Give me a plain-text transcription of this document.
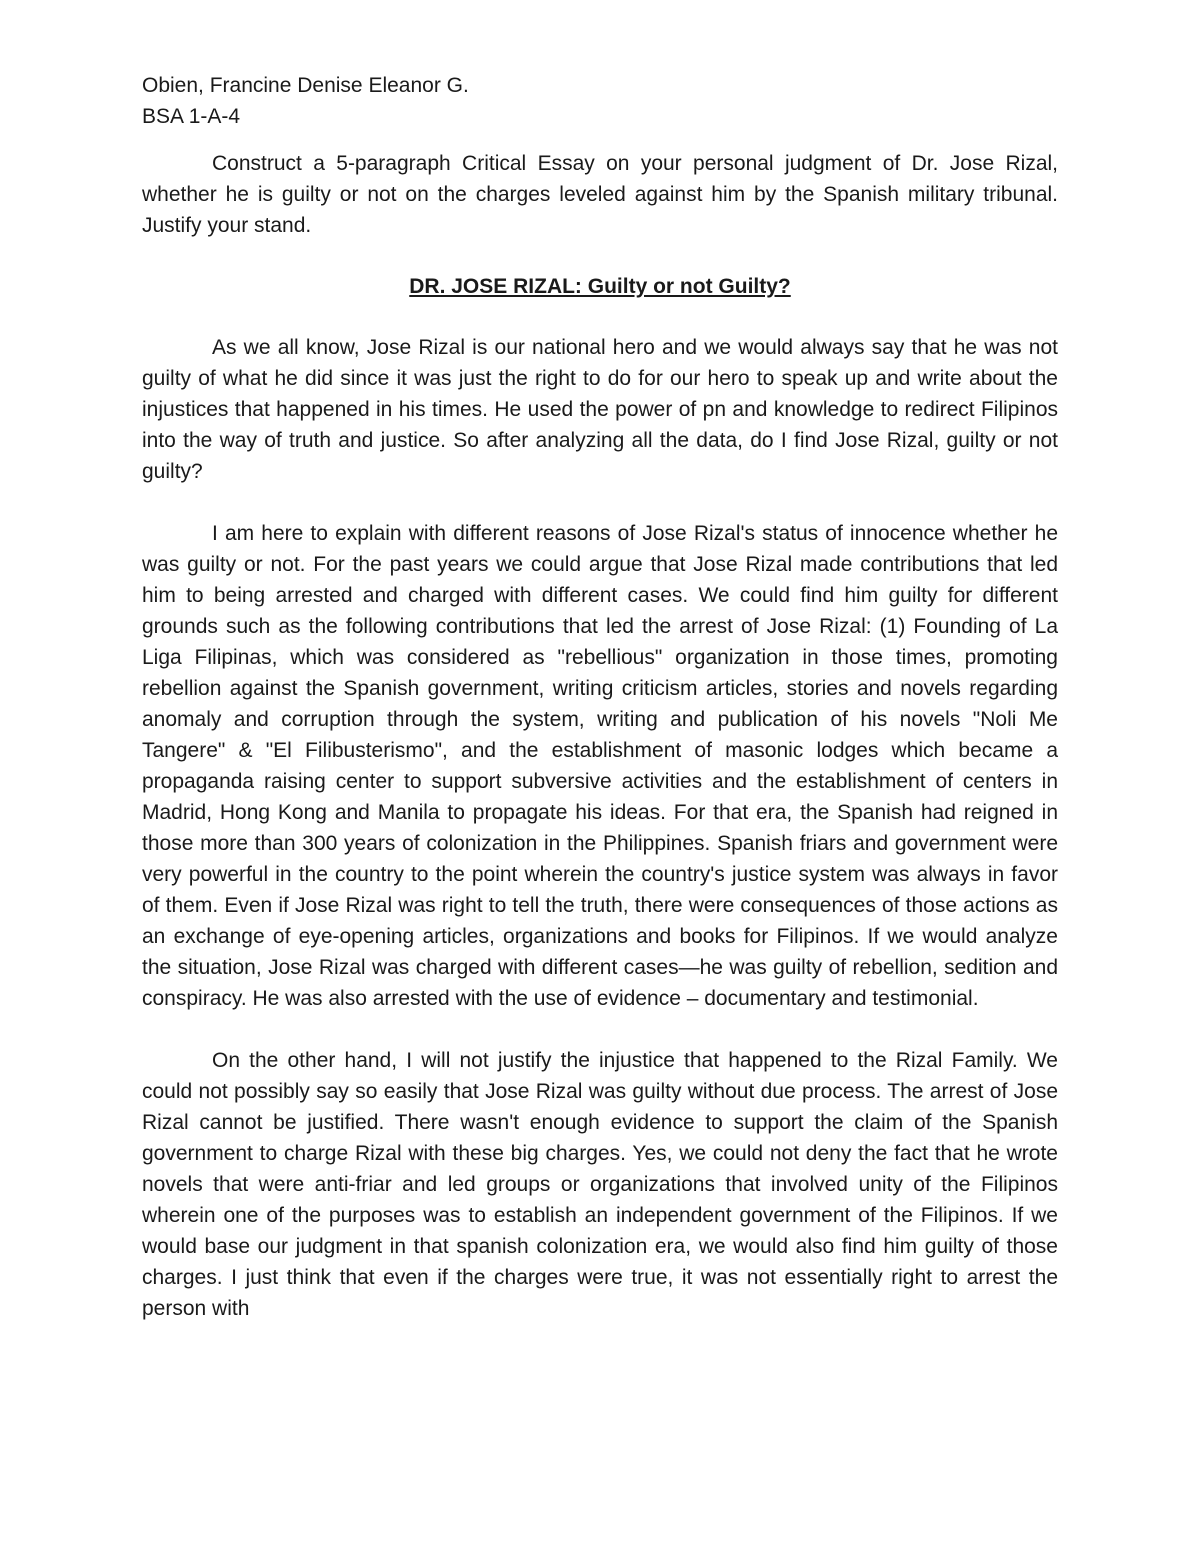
Obien, Francine Denise Eleanor G.

BSA 1-A-4

Construct a 5-paragraph Critical Essay on your personal judgment of Dr. Jose Rizal, whether he is guilty or not on the charges leveled against him by the Spanish military tribunal. Justify your stand.

DR. JOSE RIZAL: Guilty or not Guilty?

As we all know, Jose Rizal is our national hero and we would always say that he was not guilty of what he did since it was just the right to do for our hero to speak up and write about the injustices that happened in his times. He used the power of pn and knowledge to redirect Filipinos into the way of truth and justice. So after analyzing all the data, do I find Jose Rizal, guilty or not guilty?

I am here to explain with different reasons of Jose Rizal's status of innocence whether he was guilty or not. For the past years we could argue that Jose Rizal made contributions that led him to being arrested and charged with different cases. We could find him guilty for different grounds such as the following contributions that led the arrest of Jose Rizal: (1) Founding of La Liga Filipinas, which was considered as "rebellious" organization in those times, promoting rebellion against the Spanish government, writing criticism articles, stories and novels regarding anomaly and corruption through the system, writing and publication of his novels "Noli Me Tangere" & "El Filibusterismo", and the establishment of masonic lodges which became a propaganda raising center to support subversive activities and the establishment of centers in Madrid, Hong Kong and Manila to propagate his ideas. For that era, the Spanish had reigned in those more than 300 years of colonization in the Philippines. Spanish friars and government were very powerful in the country to the point wherein the country's justice system was always in favor of them. Even if Jose Rizal was right to tell the truth, there were consequences of those actions as an exchange of eye-opening articles, organizations and books for Filipinos. If we would analyze the situation, Jose Rizal was charged with different cases—he was guilty of rebellion, sedition and conspiracy. He was also arrested with the use of evidence – documentary and testimonial.

On the other hand, I will not justify the injustice that happened to the Rizal Family. We could not possibly say so easily that Jose Rizal was guilty without due process. The arrest of Jose Rizal cannot be justified. There wasn't enough evidence to support the claim of the Spanish government to charge Rizal with these big charges. Yes, we could not deny the fact that he wrote novels that were anti-friar and led groups or organizations that involved unity of the Filipinos wherein one of the purposes was to establish an independent government of the Filipinos. If we would base our judgment in that spanish colonization era, we would also find him guilty of those charges. I just think that even if the charges were true, it was not essentially right to arrest the person with
